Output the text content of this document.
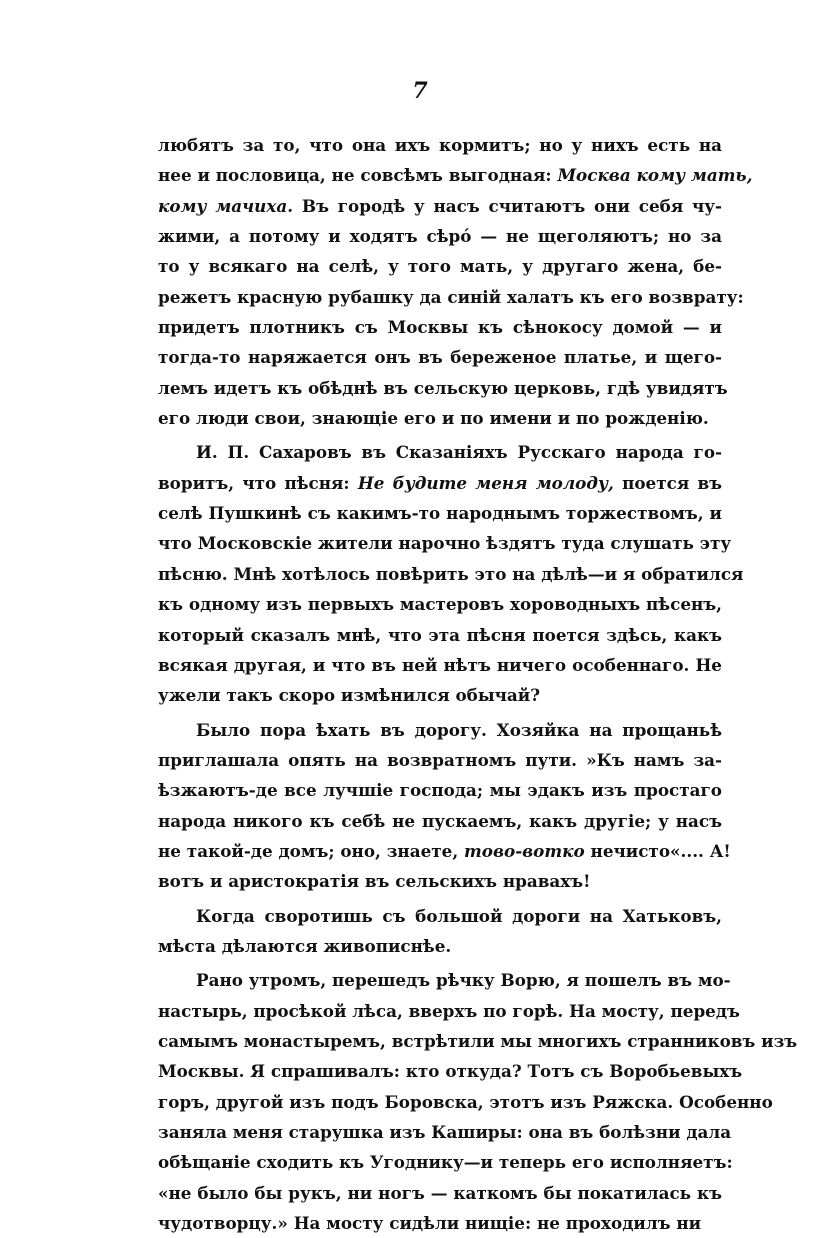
7
любятъ за то, что она ихъ кормитъ; но у нихъ есть на
нее и пословица, не совсѣмъ выгодная: Москва кому мать,
кому мачиха. Въ городѣ у насъ считаютъ они себя чу-
жими, а потому и ходятъ сѣрó — не щеголяютъ; но за
то у всякаго на селѣ, у того мать, у другаго жена, бе-
режетъ красную рубашку да синiй халатъ къ его возврату:
придетъ плотникъ съ Москвы къ сѣнокосу домой — и
тогда-то наряжается онъ въ береженое платье, и щего-
лемъ идетъ къ обѣднѣ въ сельскую церковь, гдѣ увидятъ
его люди свои, знающiе его и по имени и по рожденiю.
И. П. Сахаровъ въ Сказанiяхъ Русскаго народа го-
воритъ, что пѣсня: Не будите меня молоду, поется въ
селѣ Пушкинѣ съ какимъ-то народнымъ торжествомъ, и
что Московскiе жители нарочно ѣздятъ туда слушать эту
пѣсню. Мнѣ хотѣлось повѣрить это на дѣлѣ—и я обратился
къ одному изъ первыхъ мастеровъ хороводныхъ пѣсенъ,
который сказалъ мнѣ, что эта пѣсня поется здѣсь, какъ
всякая другая, и что въ ней нѣтъ ничего особеннаго. Не
ужели такъ скоро измѣнился обычай?
Было пора ѣхать въ дорогу. Хозяйка на прощаньѣ
приглашала опять на возвратномъ пути. »Къ намъ за-
ѣзжаютъ-де все лучшiе господа; мы эдакъ изъ простаго
народа никого къ себѣ не пускаемъ, какъ другiе; у насъ
не такой-де домъ; оно, знаете, тово-вотко нечисто«.... А!
вотъ и аристократiя въ сельскихъ нравахъ!
Когда своротишь съ большой дороги на Хатьковъ,
мѣста дѣлаются живописнѣе.
Рано утромъ, перешедъ рѣчку Ворю, я пошелъ въ мо-
настырь, просѣкой лѣса, вверхъ по горѣ. На мосту, передъ
самымъ монастыремъ, встрѣтили мы многихъ странниковъ изъ
Москвы. Я спрашивалъ: кто откуда? Тотъ съ Воробьевыхъ
горъ, другой изъ подъ Боровска, этотъ изъ Ряжска. Особенно
заняла меня старушка изъ Каширы: она въ болѣзни дала
обѣщанiе сходить къ Угоднику—и теперь его исполняетъ:
«не было бы рукъ, ни ногъ — каткомъ бы покатилась къ
чудотворцу.» На мосту сидѣли нищiе: не проходилъ ни
